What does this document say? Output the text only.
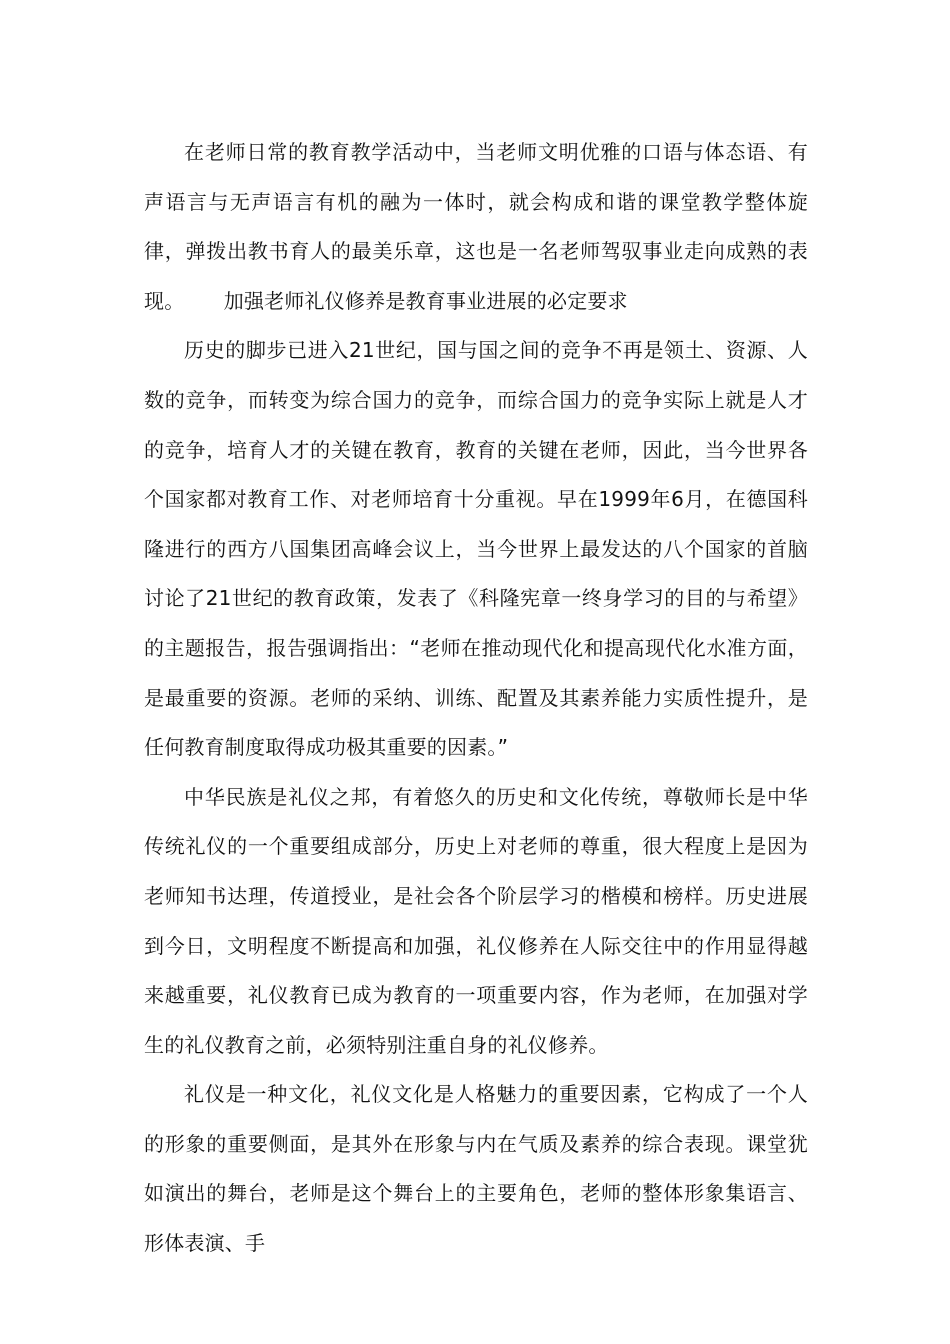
在老师日常的教育教学活动中，当老师文明优雅的口语与体态语、有声语言与无声语言有机的融为一体时，就会构成和谐的课堂教学整体旋律，弹拨出教书育人的最美乐章，这也是一名老师驾驭事业走向成熟的表现。      加强老师礼仪修养是教育事业进展的必定要求

历史的脚步已进入21世纪，国与国之间的竞争不再是领土、资源、人数的竞争，而转变为综合国力的竞争，而综合国力的竞争实际上就是人才的竞争，培育人才的关键在教育，教育的关键在老师，因此，当今世界各个国家都对教育工作、对老师培育十分重视。早在1999年6月，在德国科隆进行的西方八国集团高峰会议上，当今世界上最发达的八个国家的首脑讨论了21世纪的教育政策，发表了《科隆宪章一终身学习的目的与希望》的主题报告，报告强调指出：“老师在推动现代化和提高现代化水准方面，是最重要的资源。老师的采纳、训练、配置及其素养能力实质性提升，是任何教育制度取得成功极其重要的因素。”

中华民族是礼仪之邦，有着悠久的历史和文化传统，尊敬师长是中华传统礼仪的一个重要组成部分，历史上对老师的尊重，很大程度上是因为老师知书达理，传道授业，是社会各个阶层学习的楷模和榜样。历史进展到今日，文明程度不断提高和加强，礼仪修养在人际交往中的作用显得越来越重要，礼仪教育已成为教育的一项重要内容，作为老师，在加强对学生的礼仪教育之前，必须特别注重自身的礼仪修养。

礼仪是一种文化，礼仪文化是人格魅力的重要因素，它构成了一个人的形象的重要侧面，是其外在形象与内在气质及素养的综合表现。课堂犹如演出的舞台，老师是这个舞台上的主要角色，老师的整体形象集语言、形体表演、手
